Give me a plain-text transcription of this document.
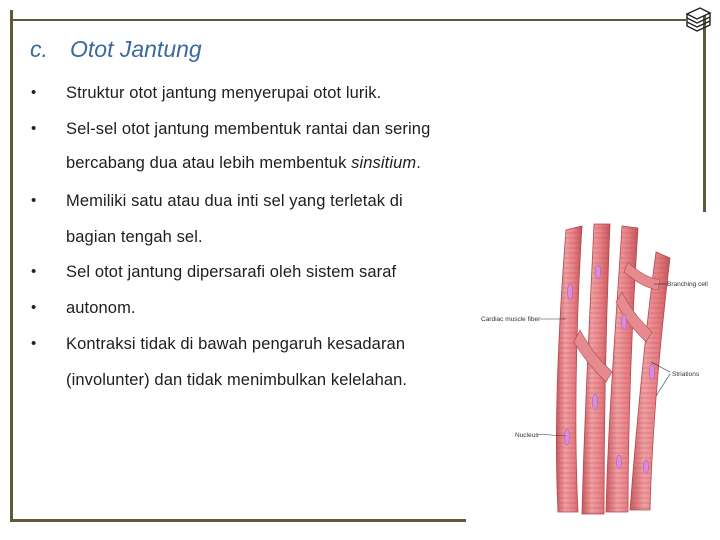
c. Otot Jantung
• Struktur otot jantung menyerupai otot lurik.
• Sel-sel otot jantung membentuk rantai dan sering
bercabang dua atau lebih membentuk sinsitium.
• Memiliki satu atau dua inti sel yang terletak di
bagian tengah sel.
• Sel otot jantung dipersarafi oleh sistem saraf
• autonom.
• Kontraksi tidak di bawah pengaruh kesadaran
(involunter) dan tidak menimbulkan kelelahan.
Branching cell
Cardiac muscle fiber
Striations
Nucleus
